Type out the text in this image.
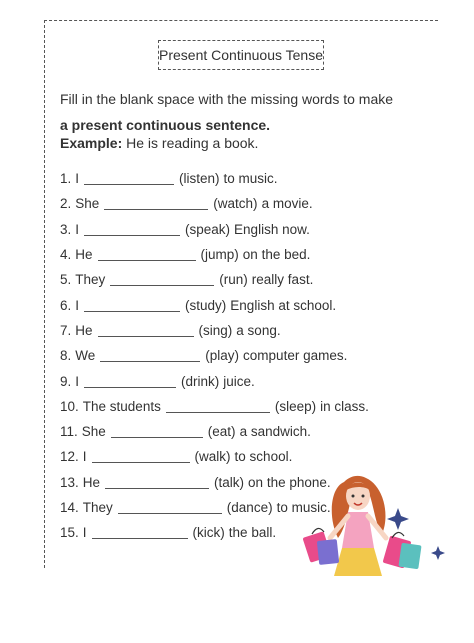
Present Continuous Tense
Fill in the blank space with the missing words to make
a present continuous sentence.
Example: He is reading a book.
1. I	(listen) to music.
2. She	(watch) a movie.
3. I	(speak) English now.
4. He	(jump) on the bed.
5. They	(run) really fast.
6. I	(study) English at school.
7. He	(sing) a song.
8. We	(play) computer games.
9. I	(drink) juice.
10. The students	(sleep) in class.
11. She	(eat) a sandwich.
12. I	(walk) to school.
13. He	(talk) on the phone.
14. They	(dance) to music.
15. I	(kick) the ball.
